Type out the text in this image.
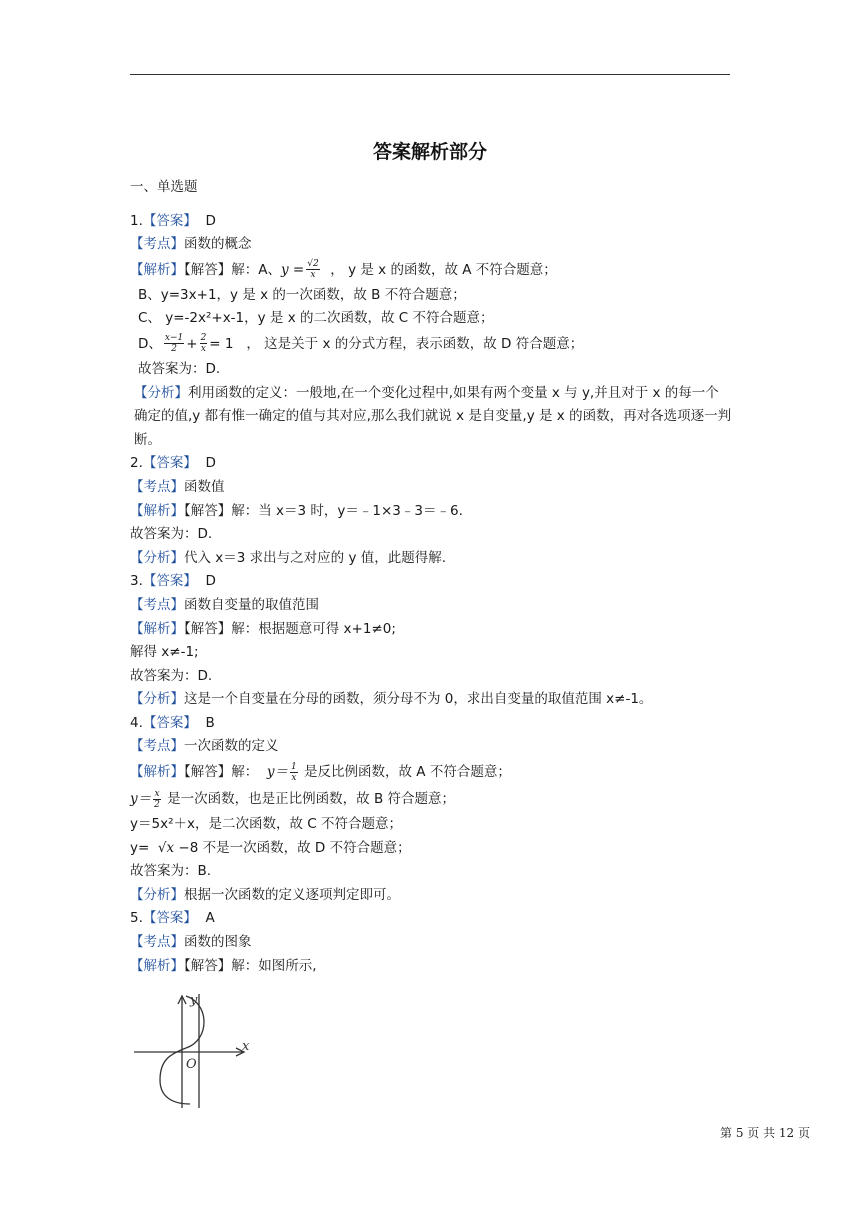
答案解析部分
一、单选题
1.【答案】 D
【考点】函数的概念
【解析】【解答】解：A、$y = \frac{√2}{x}$ ， y 是 x 的函数，故 A 不符合题意；
B、y=3x+1，y 是 x 的一次函数，故 B 不符合题意；
C、 y=-2x²+x-1，y 是 x 的二次函数，故 C 不符合题意；
D、 $\frac{x-1}{2} + \frac{2}{x} = 1$ ， 这是关于 x 的分式方程，表示函数，故 D 符合题意；
故答案为：D.
【分析】利用函数的定义：一般地,在一个变化过程中,如果有两个变量 x 与 y,并且对于 x 的每一个确定的值,y 都有惟一确定的值与其对应,那么我们就说 x 是自变量,y 是 x 的函数，再对各选项逐一判断。
2.【答案】 D
【考点】函数值
【解析】【解答】解：当 x＝3 时，y＝﹣1×3﹣3＝﹣6.
故答案为：D.
【分析】代入 x＝3 求出与之对应的 y 值，此题得解.
3.【答案】 D
【考点】函数自变量的取值范围
【解析】【解答】解：根据题意可得 x+1≠0;
解得 x≠-1;
故答案为：D.
【分析】这是一个自变量在分母的函数，须分母不为 0，求出自变量的取值范围 x≠-1。
4.【答案】 B
【考点】一次函数的定义
【解析】【解答】解： $y= \frac{1}{x}$ 是反比例函数，故 A 不符合题意；
$y= \frac{x}{2}$ 是一次函数，也是正比例函数，故 B 符合题意；
y＝5x²＋x，是二次函数，故 C 不符合题意；
y= √x −8 不是一次函数，故 D 不符合题意；
故答案为：B.
【分析】根据一次函数的定义逐项判定即可。
5.【答案】 A
【考点】函数的图象
【解析】【解答】解：如图所示,
x
y
O
第 5 页 共 12 页
